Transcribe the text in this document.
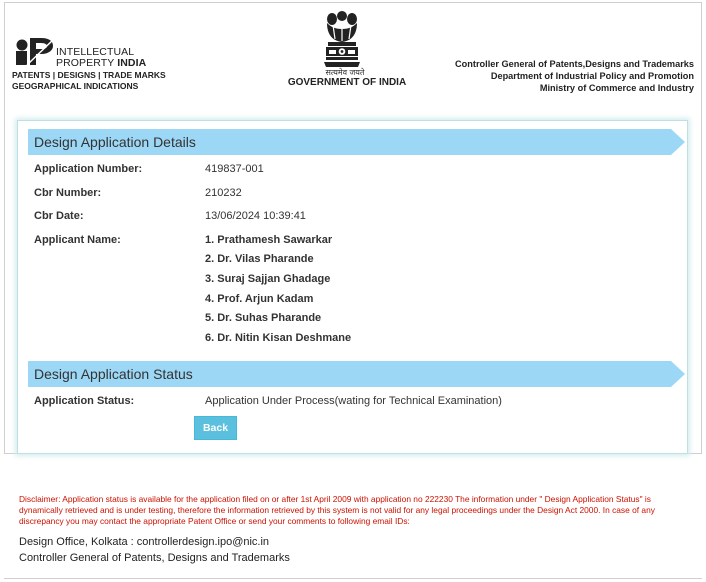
INTELLECTUAL
PROPERTY INDIA
PATENTS | DESIGNS | TRADE MARKS
GEOGRAPHICAL INDICATIONS
सत्यमेव जयते
GOVERNMENT OF INDIA
Controller General of Patents,Designs and Trademarks
Department of Industrial Policy and Promotion
Ministry of Commerce and Industry
Design Application Details
Application Number:	419837-001
Cbr Number:	210232
Cbr Date:	13/06/2024 10:39:41
Applicant Name:	1. Prathamesh Sawarkar
2. Dr. Vilas Pharande
3. Suraj Sajjan Ghadage
4. Prof. Arjun Kadam
5. Dr. Suhas Pharande
6. Dr. Nitin Kisan Deshmane
Design Application Status
Application Status:	Application Under Process(wating for Technical Examination)
Back
Disclaimer: Application status is available for the application filed on or after 1st April 2009 with application no 222230 The information under " Design Application Status" is dynamically retrieved and is under testing, therefore the information retrieved by this system is not valid for any legal proceedings under the Design Act 2000. In case of any discrepancy you may contact the appropriate Patent Office or send your comments to following email IDs:
Design Office, Kolkata : controllerdesign.ipo@nic.in
Controller General of Patents, Designs and Trademarks
